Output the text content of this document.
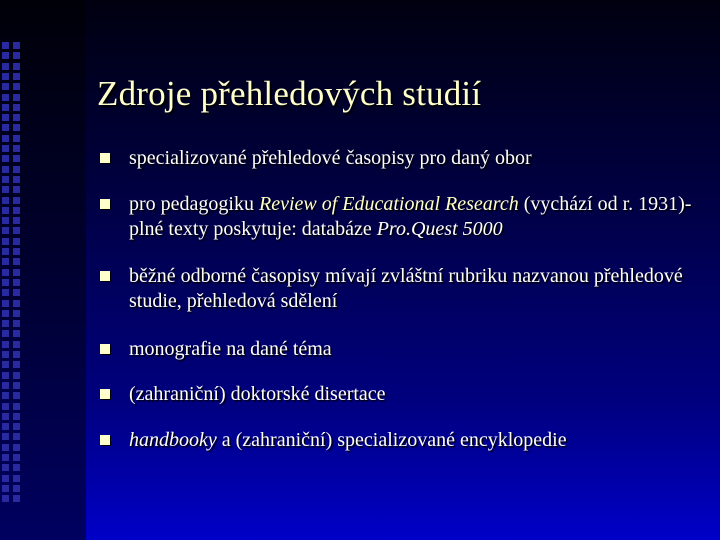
Zdroje přehledových studií
specializované přehledové časopisy pro daný obor
pro pedagogiku Review of Educational Research (vychází od r. 1931)- plné texty poskytuje: databáze Pro.Quest 5000
běžné odborné časopisy mívají zvláštní rubriku nazvanou přehledové studie, přehledová sdělení
monografie na dané téma
(zahraniční) doktorské disertace
handbooky a (zahraniční) specializované encyklopedie
